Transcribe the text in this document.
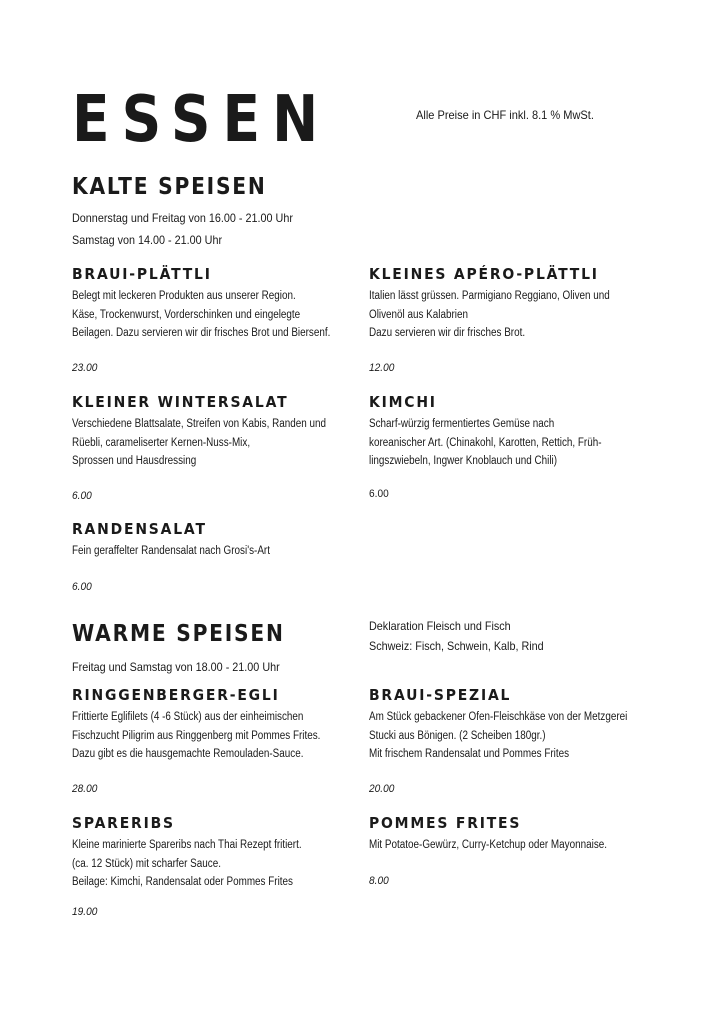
ESSEN	Alle Preise in CHF inkl. 8.1 % MwSt.
KALTE SPEISEN
Donnerstag und Freitag von 16.00 - 21.00 Uhr
Samstag von 14.00 - 21.00 Uhr
BRAUI-PLÄTTLI
Belegt mit leckeren Produkten aus unserer Region.
Käse, Trockenwurst, Vorderschinken und eingelegte
Beilagen. Dazu servieren wir dir frisches Brot und Biersenf.
23.00
KLEINES APÉRO-PLÄTTLI
Italien lässt grüssen. Parmigiano Reggiano, Oliven und
Olivenöl aus Kalabrien
Dazu servieren wir dir frisches Brot.
12.00
KLEINER WINTERSALAT
Verschiedene Blattsalate, Streifen von Kabis, Randen und
Rüebli, carameliserter Kernen-Nuss-Mix,
Sprossen und Hausdressing
6.00
KIMCHI
Scharf-würzig fermentiertes Gemüse nach
koreanischer Art. (Chinakohl, Karotten, Rettich, Früh-
lingszwiebeln, Ingwer Knoblauch und Chili)
6.00
RANDENSALAT
Fein geraffelter Randensalat nach Grosi's-Art
6.00
WARME SPEISEN
Freitag und Samstag von 18.00 - 21.00 Uhr
Deklaration Fleisch und Fisch
Schweiz: Fisch, Schwein, Kalb, Rind
RINGGENBERGER-EGLI
Frittierte Eglifilets (4 -6 Stück) aus der einheimischen
Fischzucht Piligrim aus Ringgenberg mit Pommes Frites.
Dazu gibt es die hausgemachte Remouladen-Sauce.
28.00
BRAUI-SPEZIAL
Am Stück gebackener Ofen-Fleischkäse von der Metzgerei
Stucki aus Bönigen. (2 Scheiben 180gr.)
Mit frischem Randensalat und Pommes Frites
20.00
SPARERIBS
Kleine marinierte Spareribs nach Thai Rezept fritiert.
(ca. 12 Stück) mit scharfer Sauce.
Beilage: Kimchi, Randensalat oder Pommes Frites
19.00
POMMES FRITES
Mit Potatoe-Gewürz, Curry-Ketchup oder Mayonnaise.
8.00
